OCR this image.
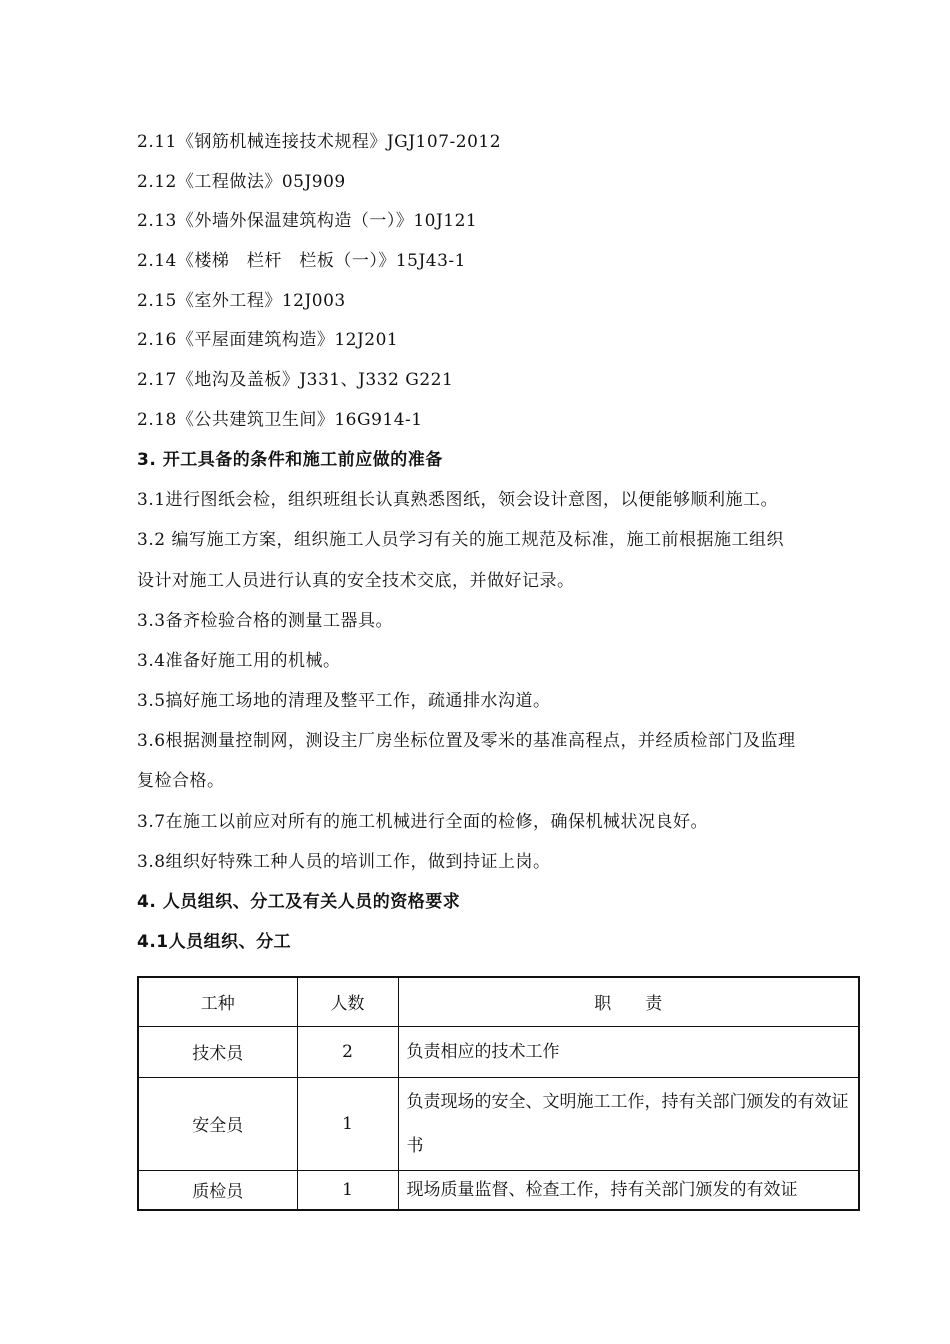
2.11《钢筋机械连接技术规程》JGJ107-2012
2.12《工程做法》05J909
2.13《外墙外保温建筑构造（一）》10J121
2.14《楼梯　栏杆　栏板（一）》15J43-1
2.15《室外工程》12J003
2.16《平屋面建筑构造》12J201
2.17《地沟及盖板》J331、J332 G221
2.18《公共建筑卫生间》16G914-1
3. 开工具备的条件和施工前应做的准备
3.1进行图纸会检，组织班组长认真熟悉图纸，领会设计意图，以便能够顺利施工。
3.2 编写施工方案，组织施工人员学习有关的施工规范及标准，施工前根据施工组织
设计对施工人员进行认真的安全技术交底，并做好记录。
3.3备齐检验合格的测量工器具。
3.4准备好施工用的机械。
3.5搞好施工场地的清理及整平工作，疏通排水沟道。
3.6根据测量控制网，测设主厂房坐标位置及零米的基准高程点，并经质检部门及监理
复检合格。
3.7在施工以前应对所有的施工机械进行全面的检修，确保机械状况良好。
3.8组织好特殊工种人员的培训工作，做到持证上岗。
4. 人员组织、分工及有关人员的资格要求
4.1人员组织、分工
工种	人数	职　　责
技术员	2	负责相应的技术工作
安全员	1	负责现场的安全、文明施工工作，持有关部门颁发的有效证书
质检员	1	现场质量监督、检查工作，持有关部门颁发的有效证
